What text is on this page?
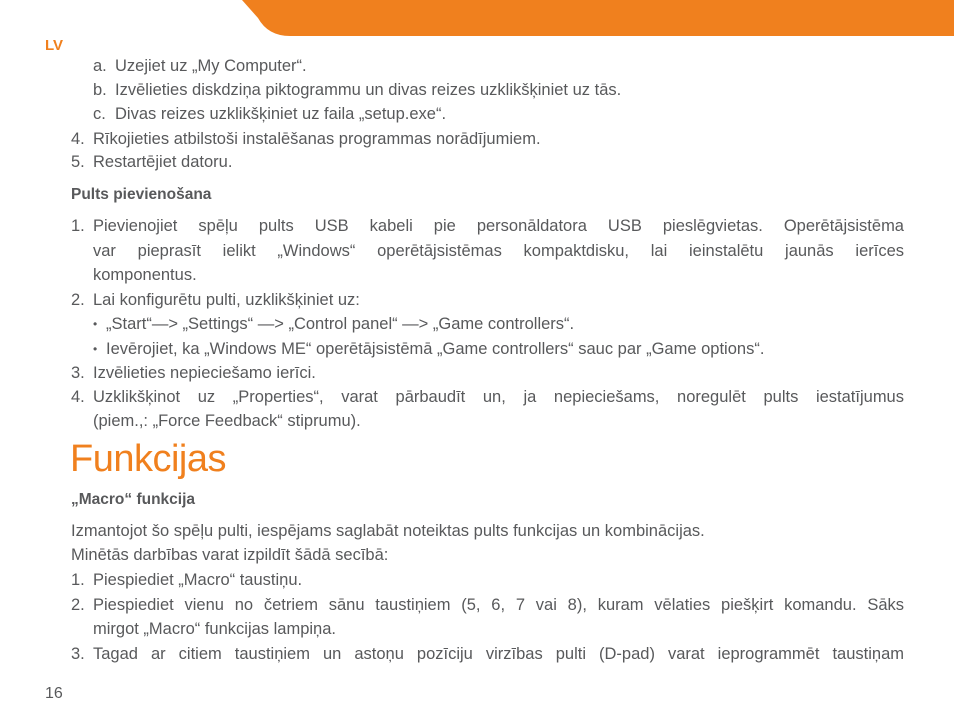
LV
a. Uzejiet uz „My Computer“.
b. Izvēlieties diskdziņa piktogrammu un divas reizes uzklikšķiniet uz tās.
c. Divas reizes uzklikšķiniet uz faila „setup.exe“.
4. Rīkojieties atbilstoši instalēšanas programmas norādījumiem.
5. Restartējiet datoru.
Pults pievienošana
1. Pievienojiet spēļu pults USB kabeli pie personāldatora USB pieslēgvietas. Operētājsistēma
var pieprasīt ielikt „Windows“ operētājsistēmas kompaktdisku, lai ieinstalētu jaunās ierīces
komponentus.
2. Lai konfigurētu pulti, uzklikšķiniet uz:
• „Start“—> „Settings“ —> „Control panel“ —> „Game controllers“.
• Ievērojiet, ka „Windows ME“ operētājsistēmā „Game controllers“ sauc par „Game options“.
3. Izvēlieties nepieciešamo ierīci.
4. Uzklikšķinot uz „Properties“, varat pārbaudīt un, ja nepieciešams, noregulēt pults iestatījumus
(piem.,: „Force Feedback“ stiprumu).
Funkcijas
„Macro“ funkcija
Izmantojot šo spēļu pulti, iespējams saglabāt noteiktas pults funkcijas un kombinācijas.
Minētās darbības varat izpildīt šādā secībā:
1. Piespiediet „Macro“ taustiņu.
2. Piespiediet vienu no četriem sānu taustiņiem (5, 6, 7 vai 8), kuram vēlaties piešķirt komandu. Sāks
mirgot „Macro“ funkcijas lampiņa.
3. Tagad ar citiem taustiņiem un astoņu pozīciju virzības pulti (D-pad) varat ieprogrammēt taustiņam
16
